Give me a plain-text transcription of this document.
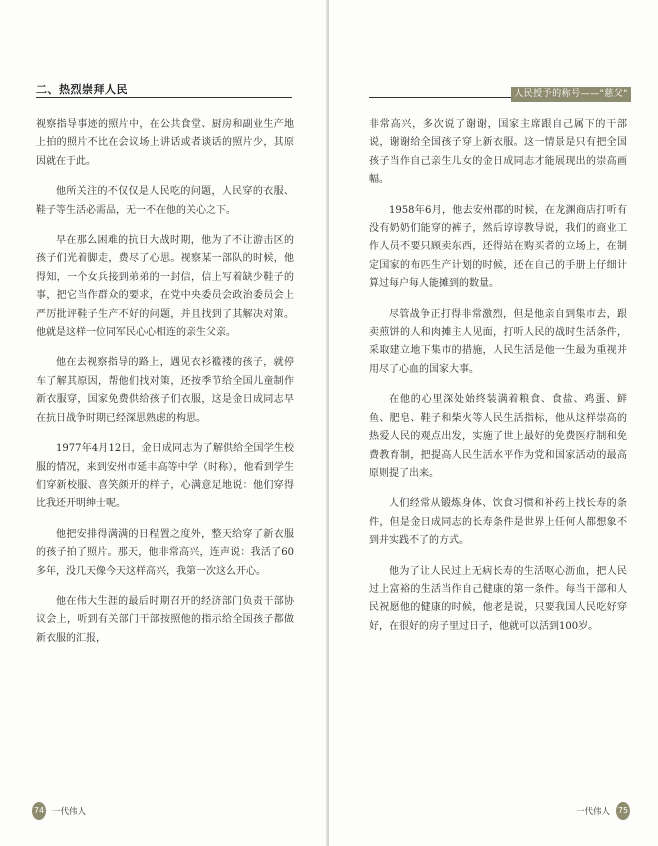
二、热烈崇拜人民

视察指导事迹的照片中，在公共食堂、厨房和副业生产地上拍的照片不比在会议场上讲话或者谈话的照片少，其原因就在于此。

他所关注的不仅仅是人民吃的问题，人民穿的衣服、鞋子等生活必需品，无一不在他的关心之下。

早在那么困难的抗日大战时期，他为了不让游击区的孩子们光着脚走，费尽了心思。视察某一部队的时候，他得知，一个女兵接到弟弟的一封信，信上写着缺少鞋子的事，把它当作群众的要求，在党中央委员会政治委员会上严厉批评鞋子生产不好的问题，并且找到了其解决对策。他就是这样一位同军民心心相连的亲生父亲。

他在去视察指导的路上，遇见衣衫褴褛的孩子，就停车了解其原因，帮他们找对策，还按季节给全国儿童制作新衣服穿，国家免费供给孩子们衣服，这是金日成同志早在抗日战争时期已经深思熟虑的构思。

1977年4月12日，金日成同志为了解供给全国学生校服的情况，来到安州市延丰高等中学（时称），他看到学生们穿新校服、喜笑颜开的样子，心满意足地说：他们穿得比我还开明绅士呢。

他把安排得满满的日程置之度外，整天给穿了新衣服的孩子拍了照片。那天，他非常高兴，连声说：我活了60多年，没几天像今天这样高兴，我第一次这么开心。

他在伟大生涯的最后时期召开的经济部门负责干部协议会上，听到有关部门干部按照他的指示给全国孩子都做新衣服的汇报，

74 一代伟人
人民授予的称号——"慈父"

非常高兴，多次说了谢谢，国家主席跟自己属下的干部说，谢谢给全国孩子穿上新衣服。这一情景是只有把全国孩子当作自己亲生儿女的金日成同志才能展现出的崇高画幅。

1958年6月，他去安州郡的时候，在龙渊商店打听有没有奶奶们能穿的裤子，然后谆谆教导说，我们的商业工作人员不要只顾卖东西，还得站在购买者的立场上，在制定国家的布匹生产计划的时候，还在自己的手册上仔细计算过每户每人能摊到的数量。

尽管战争正打得非常激烈，但是他亲自到集市去，跟卖煎饼的人和肉摊主人见面，打听人民的战时生活条件，采取建立地下集市的措施，人民生活是他一生最为重视并用尽了心血的国家大事。

在他的心里深处始终装满着粮食、食盐、鸡蛋、鲜鱼、肥皂、鞋子和柴火等人民生活指标，他从这样崇高的热爱人民的观点出发，实施了世上最好的免费医疗制和免费教育制，把提高人民生活水平作为党和国家活动的最高原则提了出来。

人们经常从锻炼身体、饮食习惯和补药上找长寿的条件，但是金日成同志的长寿条件是世界上任何人都想象不到并实践不了的方式。

他为了让人民过上无病长寿的生活呕心沥血，把人民过上富裕的生活当作自己健康的第一条件。每当干部和人民祝愿他的健康的时候，他老是说，只要我国人民吃好穿好，在很好的房子里过日子，他就可以活到100岁。

一代伟人 75
